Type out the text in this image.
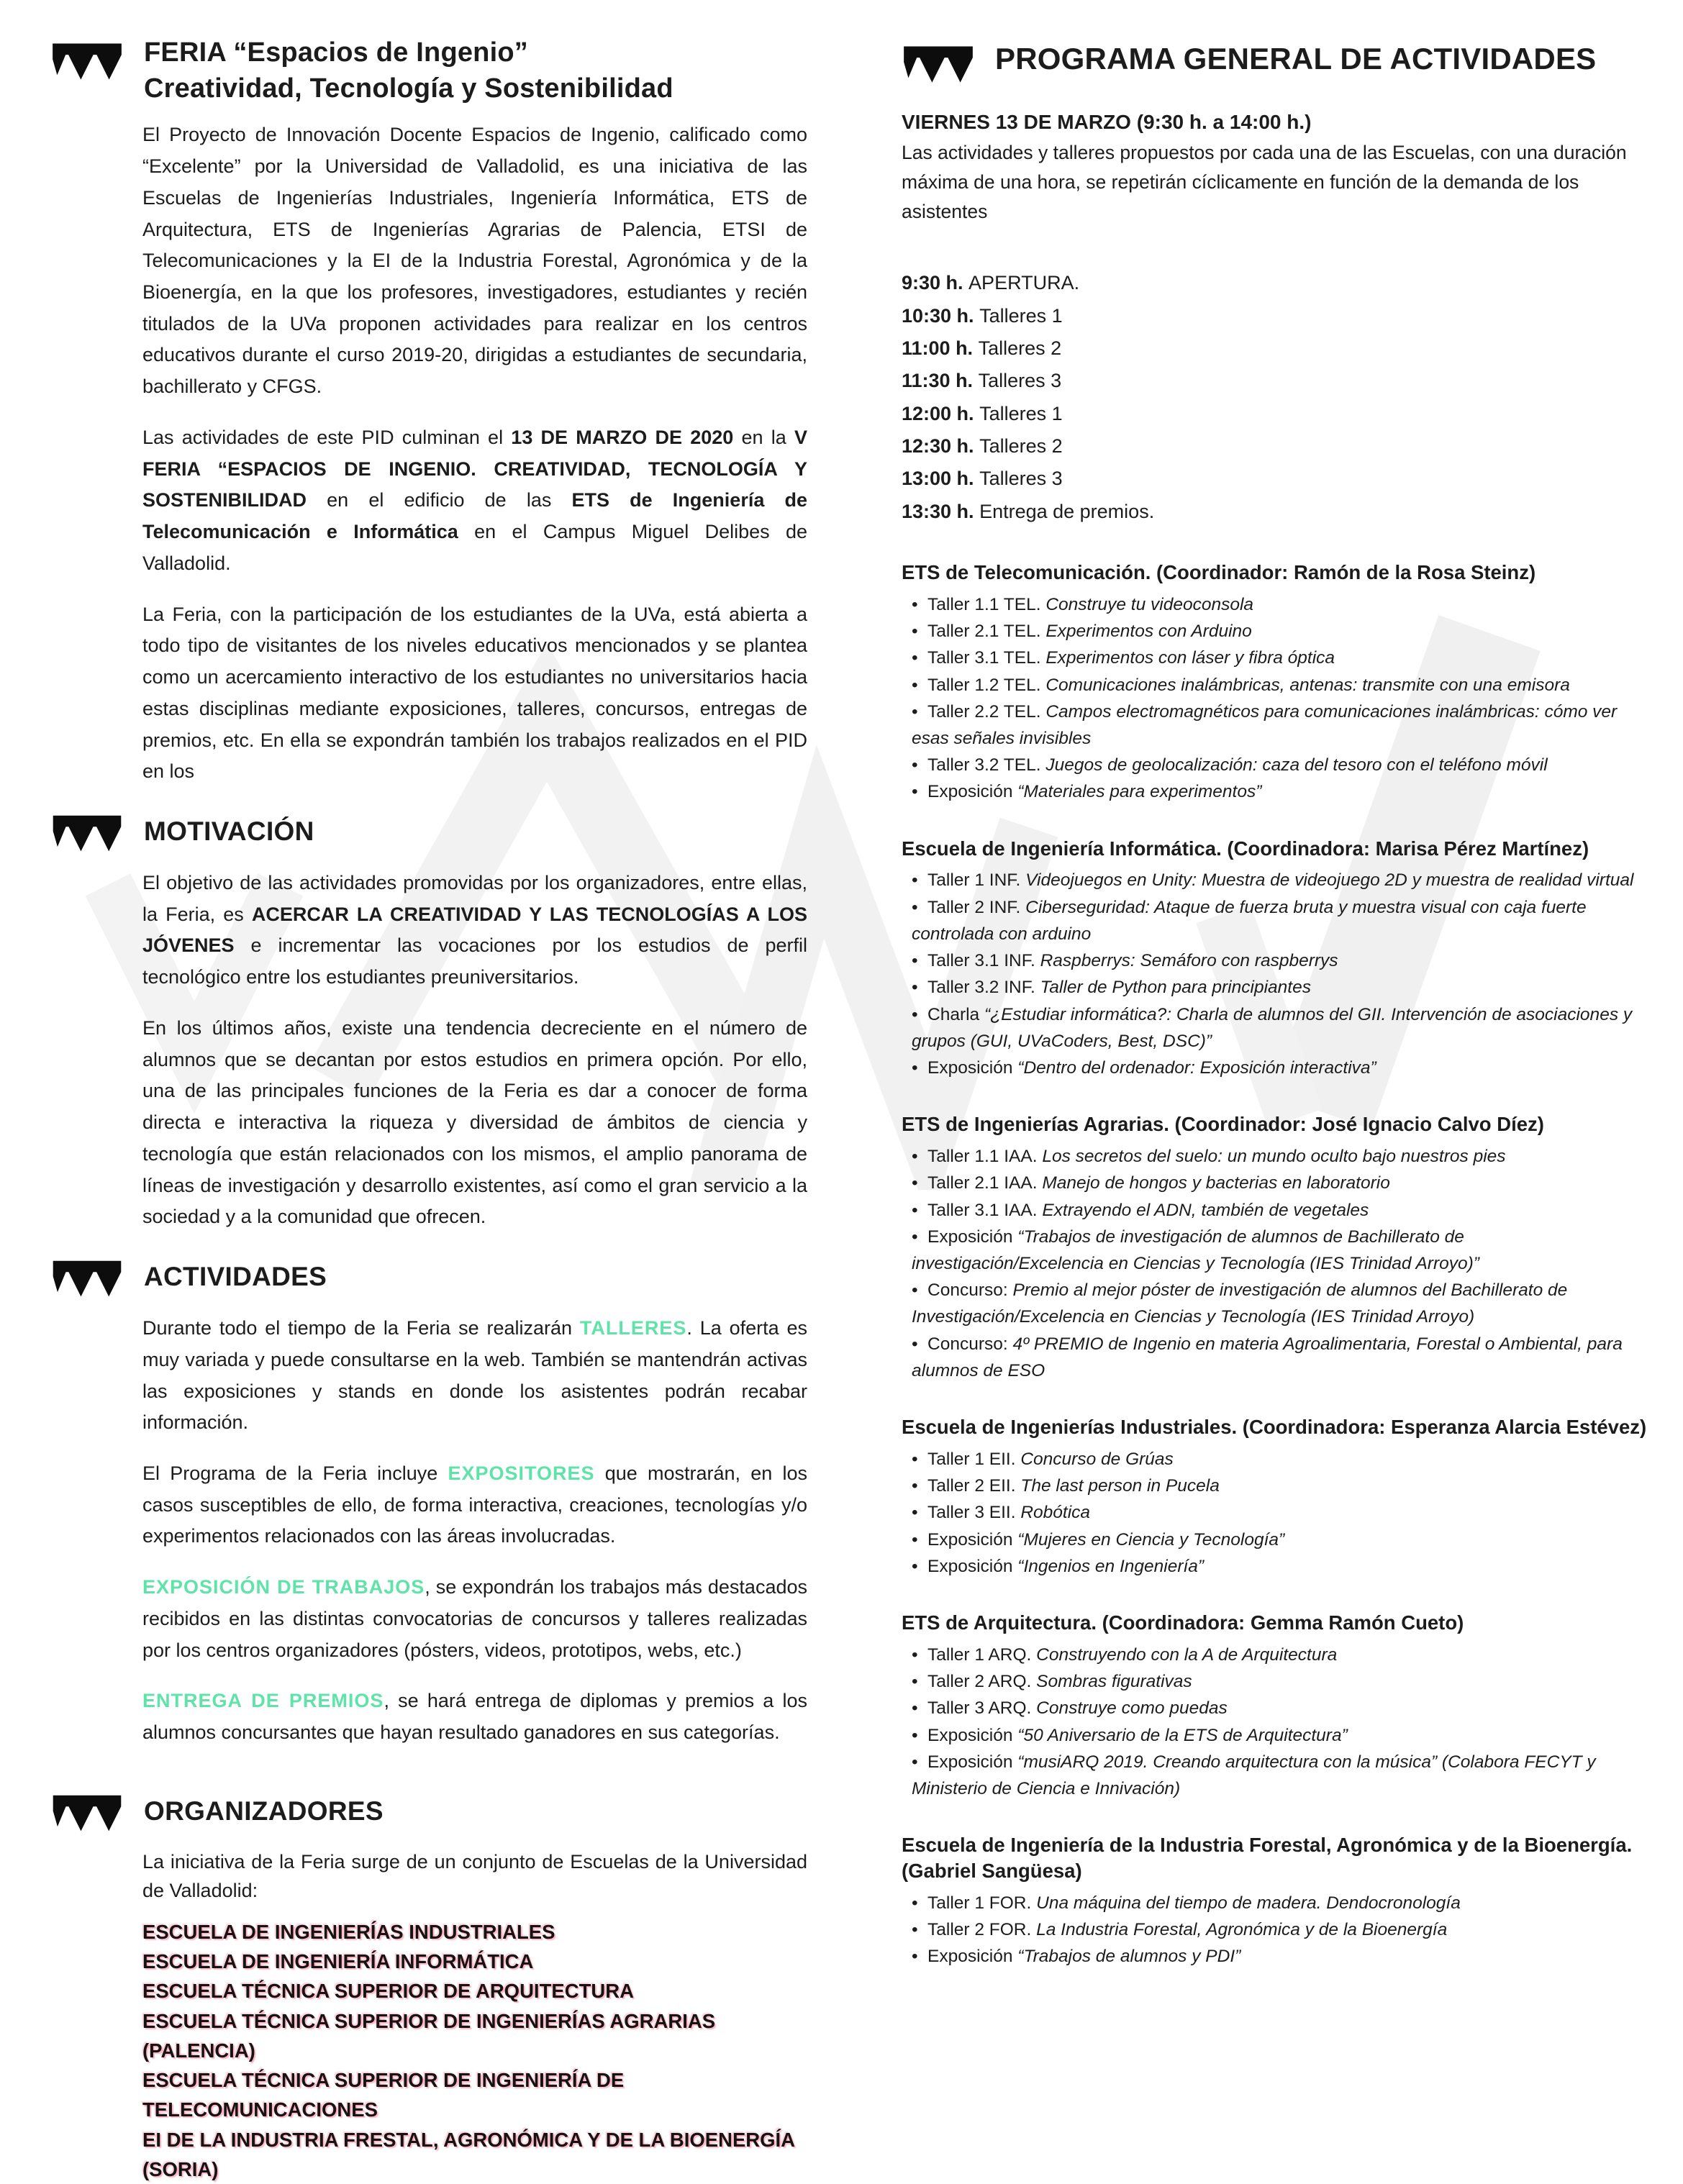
FERIA “Espacios de Ingenio”
Creatividad, Tecnología y Sostenibilidad

El Proyecto de Innovación Docente Espacios de Ingenio, calificado como “Excelente” por la Universidad de Valladolid, es una iniciativa de las Escuelas de Ingenierías Industriales, Ingeniería Informática, ETS de Arquitectura, ETS de Ingenierías Agrarias de Palencia, ETSI de Telecomunicaciones y la EI de la Industria Forestal, Agronómica y de la Bioenergía, en la que los profesores, investigadores, estudiantes y recién titulados de la UVa proponen actividades para realizar en los centros educativos durante el curso 2019-20, dirigidas a estudiantes de secundaria, bachillerato y CFGS.

Las actividades de este PID culminan el 13 DE MARZO DE 2020 en la V FERIA “ESPACIOS DE INGENIO. CREATIVIDAD, TECNOLOGÍA Y SOSTENIBILIDAD en el edificio de las ETS de Ingeniería de Telecomunicación e Informática en el Campus Miguel Delibes de Valladolid.

La Feria, con la participación de los estudiantes de la UVa, está abierta a todo tipo de visitantes de los niveles educativos mencionados y se plantea como un acercamiento interactivo de los estudiantes no universitarios hacia estas disciplinas mediante exposiciones, talleres, concursos, entregas de premios, etc. En ella se expondrán también los trabajos realizados en el PID en los

MOTIVACIÓN

El objetivo de las actividades promovidas por los organizadores, entre ellas, la Feria, es ACERCAR LA CREATIVIDAD Y LAS TECNOLOGÍAS A LOS JÓVENES e incrementar las vocaciones por los estudios de perfil tecnológico entre los estudiantes preuniversitarios.

En los últimos años, existe una tendencia decreciente en el número de alumnos que se decantan por estos estudios en primera opción. Por ello, una de las principales funciones de la Feria es dar a conocer de forma directa e interactiva la riqueza y diversidad de ámbitos de ciencia y tecnología que están relacionados con los mismos, el amplio panorama de líneas de investigación y desarrollo existentes, así como el gran servicio a la sociedad y a la comunidad que ofrecen.

ACTIVIDADES

Durante todo el tiempo de la Feria se realizarán TALLERES. La oferta es muy variada y puede consultarse en la web. También se mantendrán activas las exposiciones y stands en donde los asistentes podrán recabar información.

El Programa de la Feria incluye EXPOSITORES que mostrarán, en los casos susceptibles de ello, de forma interactiva, creaciones, tecnologías y/o experimentos relacionados con las áreas involucradas.

EXPOSICIÓN DE TRABAJOS, se expondrán los trabajos más destacados recibidos en las distintas convocatorias de concursos y talleres realizadas por los centros organizadores (pósters, videos, prototipos, webs, etc.)

ENTREGA DE PREMIOS, se hará entrega de diplomas y premios a los alumnos concursantes que hayan resultado ganadores en sus categorías.

ORGANIZADORES

La iniciativa de la Feria surge de un conjunto de Escuelas de la Universidad de Valladolid:

ESCUELA DE INGENIERÍAS INDUSTRIALES
ESCUELA DE INGENIERÍA INFORMÁTICA
ESCUELA TÉCNICA SUPERIOR DE ARQUITECTURA
ESCUELA TÉCNICA SUPERIOR DE INGENIERÍAS AGRARIAS (PALENCIA)
ESCUELA TÉCNICA SUPERIOR DE INGENIERÍA DE TELECOMUNICACIONES
EI DE LA INDUSTRIA FRESTAL, AGRONÓMICA Y DE LA BIOENERGÍA (SORIA)
PROGRAMA GENERAL DE ACTIVIDADES
VIERNES 13 DE MARZO (9:30 h. a 14:00 h.)

Las actividades y talleres propuestos por cada una de las Escuelas, con una duración máxima de una hora, se repetirán cíclicamente en función de la demanda de los asistentes

9:30 h. APERTURA.
10:30 h. Talleres 1
11:00 h. Talleres 2
11:30 h. Talleres 3
12:00 h. Talleres 1
12:30 h. Talleres 2
13:00 h. Talleres 3
13:30 h. Entrega de premios.
ETS de Telecomunicación. (Coordinador: Ramón de la Rosa Steinz)
• Taller 1.1 TEL. Construye tu videoconsola
• Taller 2.1 TEL. Experimentos con Arduino
• Taller 3.1 TEL. Experimentos con láser y fibra óptica
• Taller 1.2 TEL. Comunicaciones inalámbricas, antenas: transmite con una emisora
• Taller 2.2 TEL. Campos electromagnéticos para comunicaciones inalámbricas: cómo ver esas señales invisibles
• Taller 3.2 TEL. Juegos de geolocalización: caza del tesoro con el teléfono móvil
• Exposición “Materiales para experimentos”
Escuela de Ingeniería Informática. (Coordinadora: Marisa Pérez Martínez)
• Taller 1 INF. Videojuegos en Unity: Muestra de videojuego 2D y muestra de realidad virtual
• Taller 2 INF. Ciberseguridad: Ataque de fuerza bruta y muestra visual con caja fuerte controlada con arduino
• Taller 3.1 INF. Raspberrys: Semáforo con raspberrys
• Taller 3.2 INF. Taller de Python para principiantes
• Charla “¿Estudiar informática?: Charla de alumnos del GII. Intervención de asociaciones y grupos (GUI, UVaCoders, Best, DSC)”
• Exposición “Dentro del ordenador: Exposición interactiva”
ETS de Ingenierías Agrarias. (Coordinador: José Ignacio Calvo Díez)
• Taller 1.1 IAA. Los secretos del suelo: un mundo oculto bajo nuestros pies
• Taller 2.1 IAA. Manejo de hongos y bacterias en laboratorio
• Taller 3.1 IAA. Extrayendo el ADN, también de vegetales
• Exposición “Trabajos de investigación de alumnos de Bachillerato de investigación/Excelencia en Ciencias y Tecnología (IES Trinidad Arroyo)”
• Concurso: Premio al mejor póster de investigación de alumnos del Bachillerato de Investigación/Excelencia en Ciencias y Tecnología (IES Trinidad Arroyo)
• Concurso: 4º PREMIO de Ingenio en materia Agroalimentaria, Forestal o Ambiental, para alumnos de ESO
Escuela de Ingenierías Industriales. (Coordinadora: Esperanza Alarcia Estévez)
• Taller 1 EII. Concurso de Grúas
• Taller 2 EII. The last person in Pucela
• Taller 3 EII. Robótica
• Exposición “Mujeres en Ciencia y Tecnología”
• Exposición “Ingenios en Ingeniería”
ETS de Arquitectura. (Coordinadora: Gemma Ramón Cueto)
• Taller 1 ARQ. Construyendo con la A de Arquitectura
• Taller 2 ARQ. Sombras figurativas
• Taller 3 ARQ. Construye como puedas
• Exposición “50 Aniversario de la ETS de Arquitectura”
• Exposición “musiARQ 2019. Creando arquitectura con la música” (Colabora FECYT y Ministerio de Ciencia e Innivación)
Escuela de Ingeniería de la Industria Forestal, Agronómica y de la Bioenergía. (Gabriel Sangüesa)
• Taller 1 FOR. Una máquina del tiempo de madera. Dendocronología
• Taller 2 FOR. La Industria Forestal, Agronómica y de la Bioenergía
• Exposición “Trabajos de alumnos y PDI”
